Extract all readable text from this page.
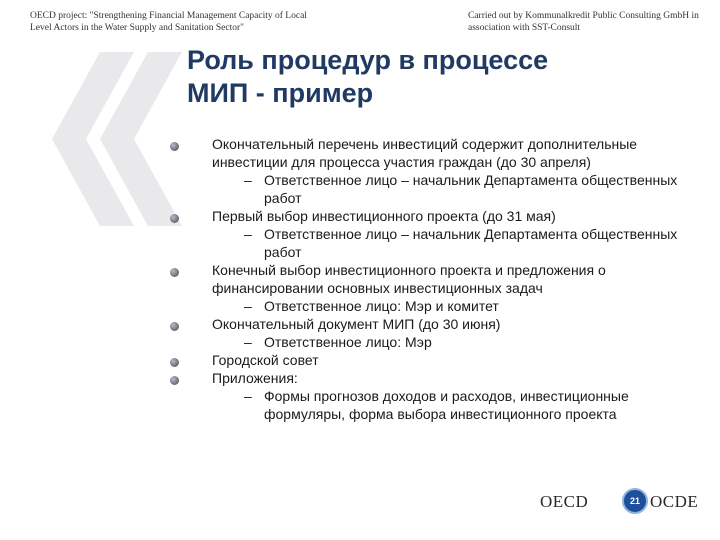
OECD project: "Strengthening Financial Management Capacity of Local
Level Actors in the Water Supply and Sanitation Sector"
Carried out by Kommunalkredit Public Consulting GmbH in
association with SST-Consult
Роль процедур в процессе
МИП - пример
Окончательный перечень инвестиций содержит дополнительные инвестиции для процесса участия граждан (до 30 апреля)
– Ответственное лицо – начальник Департамента общественных работ
Первый выбор инвестиционного проекта (до 31 мая)
– Ответственное лицо – начальник Департамента общественных работ
Конечный выбор инвестиционного проекта и предложения о финансировании основных инвестиционных задач
– Ответственное лицо: Мэр и комитет
Окончательный документ МИП (до 30 июня)
– Ответственное лицо: Мэр
Городской совет
Приложения:
– Формы прогнозов доходов и расходов, инвестиционные формуляры, форма выбора инвестиционного проекта
OECD	21 OCDE
